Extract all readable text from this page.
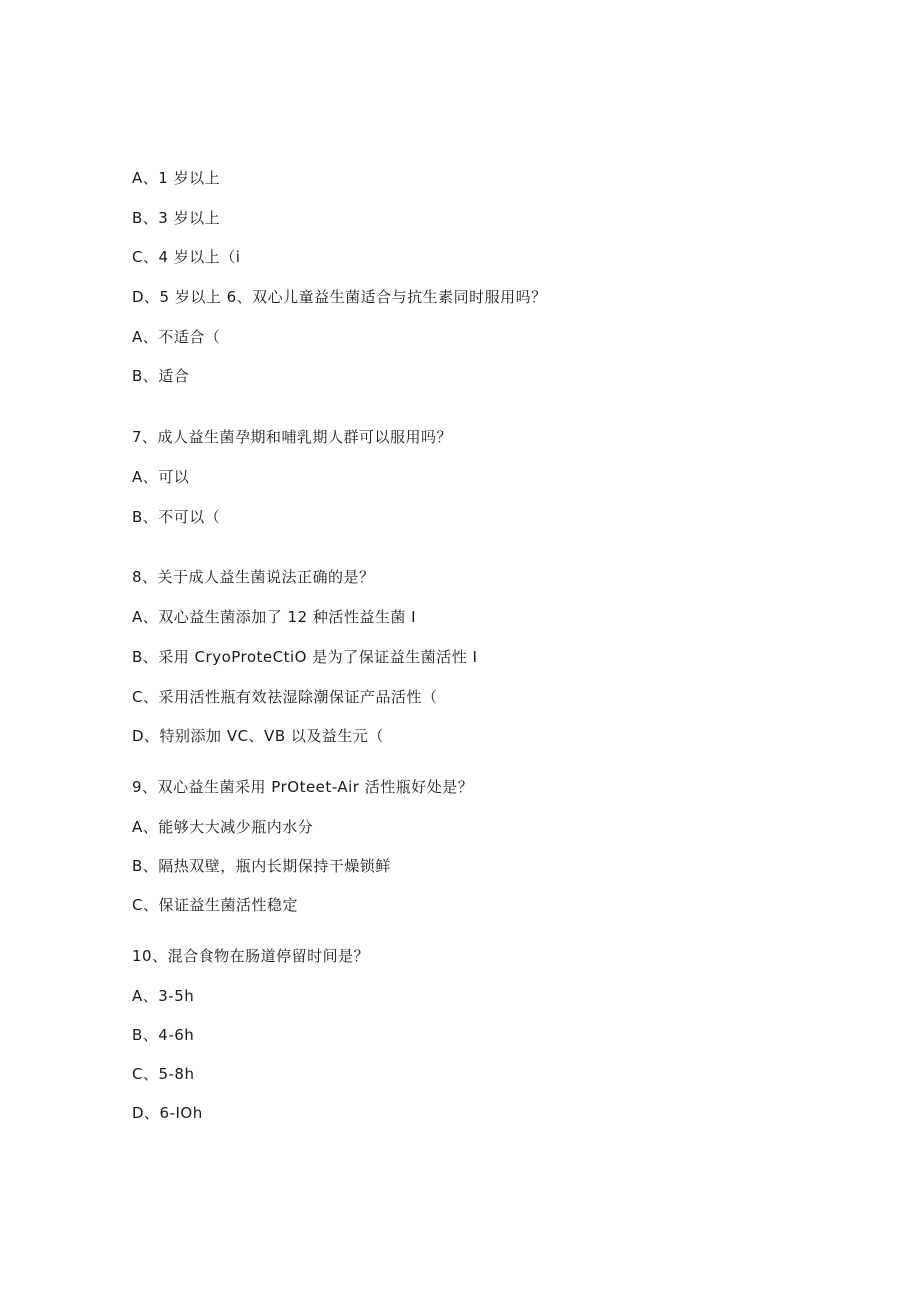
A、1 岁以上
B、3 岁以上
C、4 岁以上（i
D、5 岁以上 6、双心儿童益生菌适合与抗生素同时服用吗？
A、不适合（
B、适合
7、成人益生菌孕期和哺乳期人群可以服用吗？
A、可以
B、不可以（
8、关于成人益生菌说法正确的是？
A、双心益生菌添加了 12 种活性益生菌 I
B、采用 CryoProteCtiO 是为了保证益生菌活性 I
C、采用活性瓶有效祛湿除潮保证产品活性（
D、特别添加 VC、VB 以及益生元（
9、双心益生菌采用 PrOteet-Air 活性瓶好处是？
A、能够大大减少瓶内水分
B、隔热双壁，瓶内长期保持干燥锁鲜
C、保证益生菌活性稳定
10、混合食物在肠道停留时间是？
A、3-5h
B、4-6h
C、5-8h
D、6-IOh
